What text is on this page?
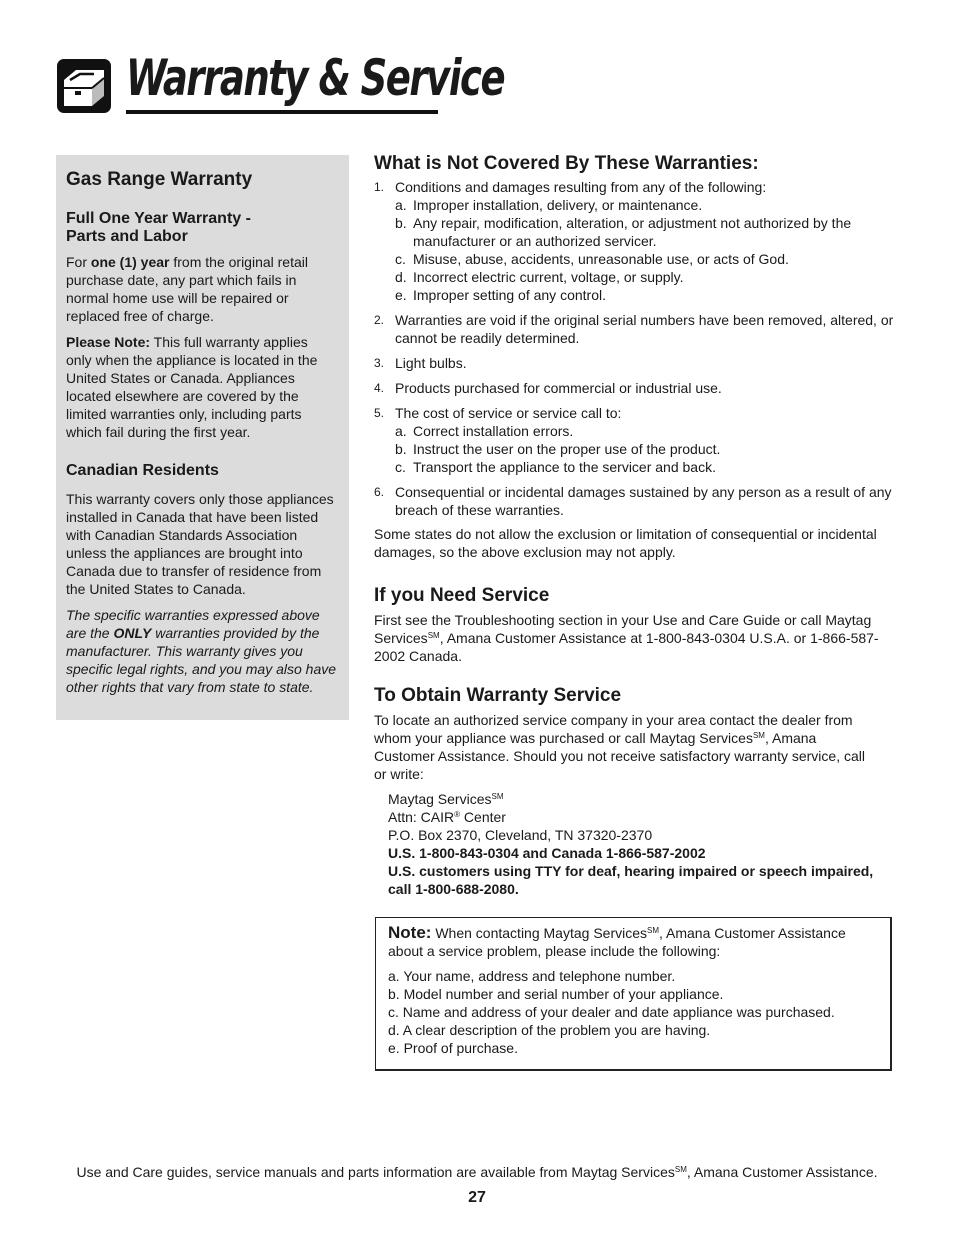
Warranty & Service
Gas Range Warranty
Full One Year Warranty -
Parts and Labor

For one (1) year from the original retail purchase date, any part which fails in normal home use will be repaired or replaced free of charge.

Please Note: This full warranty applies only when the appliance is located in the United States or Canada. Appliances located elsewhere are covered by the limited warranties only, including parts which fail during the first year.

Canadian Residents

This warranty covers only those appliances installed in Canada that have been listed with Canadian Standards Association unless the appliances are brought into Canada due to transfer of residence from the United States to Canada.

The specific warranties expressed above are the ONLY warranties provided by the manufacturer. This warranty gives you specific legal rights, and you may also have other rights that vary from state to state.

What is Not Covered By These Warranties:
1. Conditions and damages resulting from any of the following:
a. Improper installation, delivery, or maintenance.
b. Any repair, modification, alteration, or adjustment not authorized by the manufacturer or an authorized servicer.
c. Misuse, abuse, accidents, unreasonable use, or acts of God.
d. Incorrect electric current, voltage, or supply.
e. Improper setting of any control.
2. Warranties are void if the original serial numbers have been removed, altered, or cannot be readily determined.
3. Light bulbs.
4. Products purchased for commercial or industrial use.
5. The cost of service or service call to:
a. Correct installation errors.
b. Instruct the user on the proper use of the product.
c. Transport the appliance to the servicer and back.
6. Consequential or incidental damages sustained by any person as a result of any breach of these warranties.

Some states do not allow the exclusion or limitation of consequential or incidental damages, so the above exclusion may not apply.

If you Need Service

First see the Troubleshooting section in your Use and Care Guide or call Maytag Services℠, Amana Customer Assistance at 1-800-843-0304 U.S.A. or 1-866-587-2002 Canada.

To Obtain Warranty Service

To locate an authorized service company in your area contact the dealer from whom your appliance was purchased or call Maytag Services℠, Amana Customer Assistance. Should you not receive satisfactory warranty service, call or write:

Maytag Services℠
Attn: CAIR® Center
P.O. Box 2370, Cleveland, TN 37320-2370
U.S. 1-800-843-0304 and Canada 1-866-587-2002
U.S. customers using TTY for deaf, hearing impaired or speech impaired, call 1-800-688-2080.

Note: When contacting Maytag Services℠, Amana Customer Assistance about a service problem, please include the following:

a. Your name, address and telephone number.
b. Model number and serial number of your appliance.
c. Name and address of your dealer and date appliance was purchased.
d. A clear description of the problem you are having.
e. Proof of purchase.
Use and Care guides, service manuals and parts information are available from Maytag Services℠, Amana Customer Assistance.
27
